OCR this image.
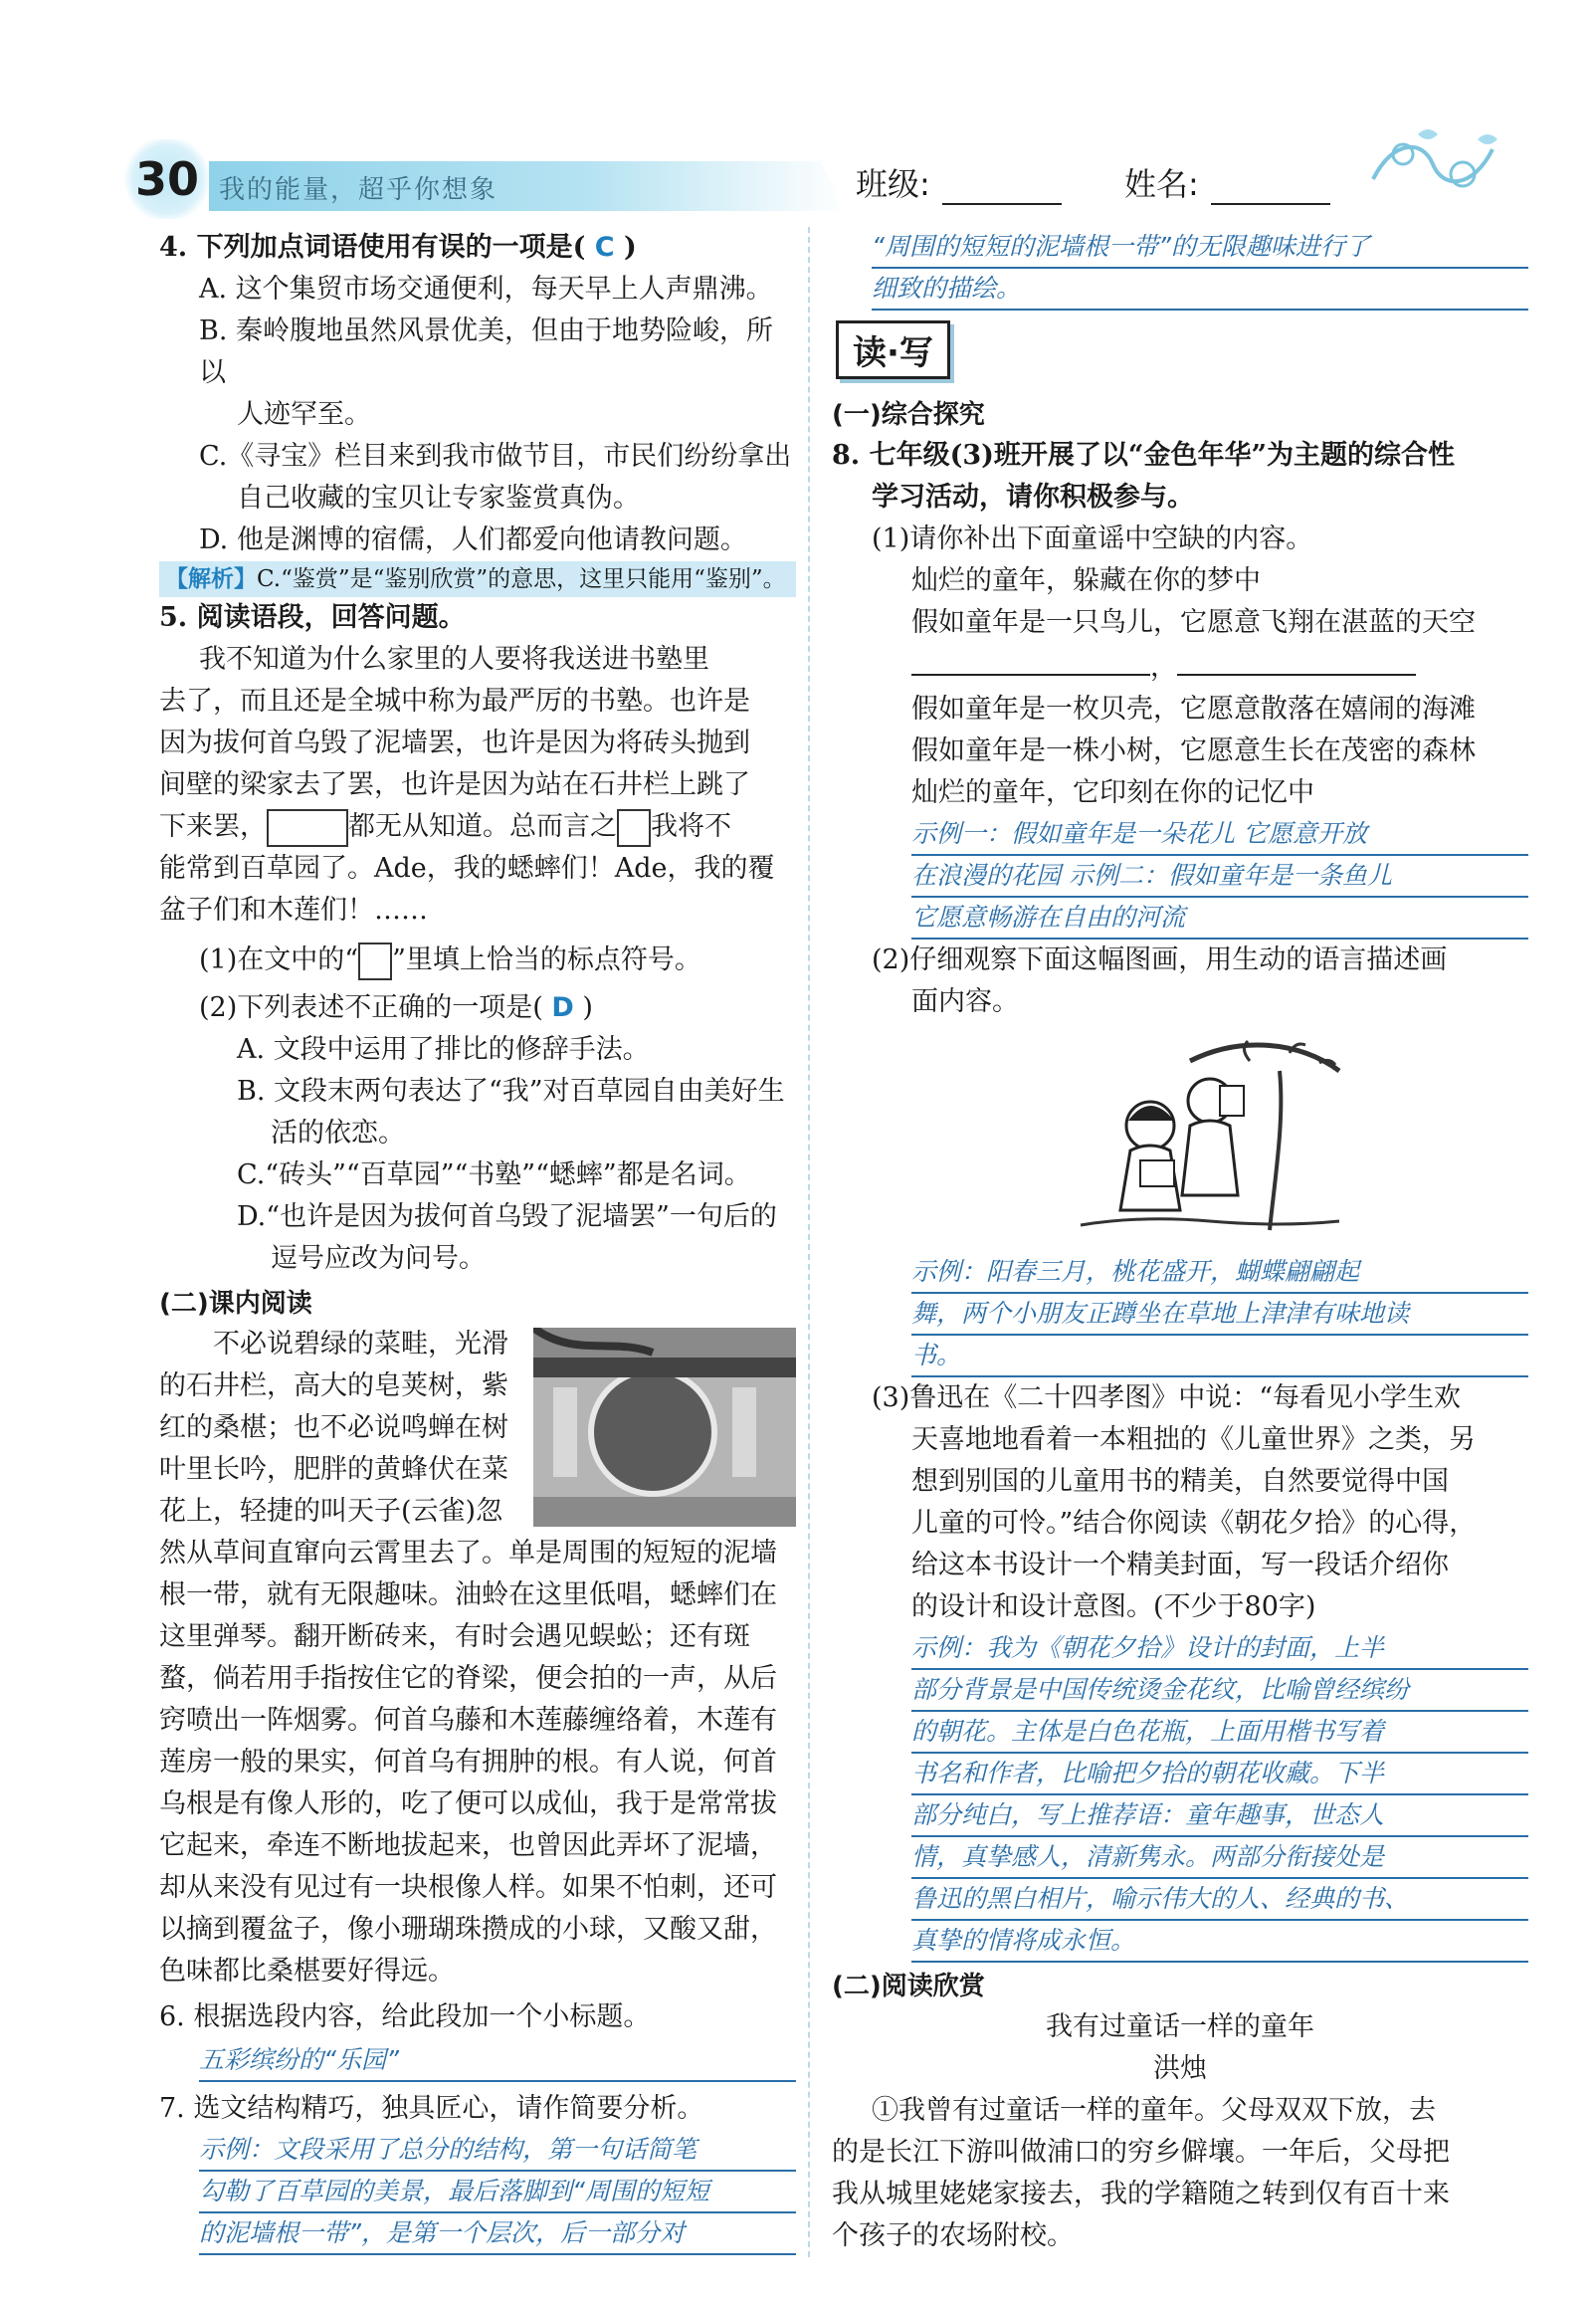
30 我的能量，超乎你想象	班级:	姓名:
4. 下列加点词语使用有误的一项是( C )

A. 这个集贸市场交通便利，每天早上人声鼎沸。

B. 秦岭腹地虽然风景优美，但由于地势险峻，所以

人迹罕至。

C.《寻宝》栏目来到我市做节目，市民们纷纷拿出

自己收藏的宝贝让专家鉴赏真伪。

D. 他是渊博的宿儒，人们都爱向他请教问题。

【解析】C.“鉴赏”是“鉴别欣赏”的意思，这里只能用“鉴别”。

5. 阅读语段，回答问题。

我不知道为什么家里的人要将我送进书塾里

去了，而且还是全城中称为最严厉的书塾。也许是

因为拔何首乌毁了泥墙罢，也许是因为将砖头抛到

间壁的梁家去了罢，也许是因为站在石井栏上跳了

下来罢，	都无从知道。总而言之 我将不

能常到百草园了。Ade，我的蟋蟀们！Ade，我的覆

盆子们和木莲们！……

(1)在文中的“ ”里填上恰当的标点符号。

(2)下列表述不正确的一项是( D )

A. 文段中运用了排比的修辞手法。

B. 文段末两句表达了“我”对百草园自由美好生

活的依恋。

C.“砖头”“百草园”“书塾”“蟋蟀”都是名词。

D.“也许是因为拔何首乌毁了泥墙罢”一句后的

逗号应改为问号。

(二)课内阅读

不必说碧绿的菜畦，光滑的石井栏，高大的皂荚树，紫红的桑椹；也不必说鸣蝉在树叶里长吟，肥胖的黄蜂伏在菜花上，轻捷的叫天子(云雀)忽然从草间直窜向云霄里去了。单是周围的短短的泥墙根一带，就有无限趣味。油蛉在这里低唱，蟋蟀们在这里弹琴。翻开断砖来，有时会遇见蜈蚣；还有斑蝥，倘若用手指按住它的脊梁，便会拍的一声，从后窍喷出一阵烟雾。何首乌藤和木莲藤缠络着，木莲有莲房一般的果实，何首乌有拥肿的根。有人说，何首乌根是有像人形的，吃了便可以成仙，我于是常常拔它起来，牵连不断地拔起来，也曾因此弄坏了泥墙，却从来没有见过有一块根像人样。如果不怕刺，还可以摘到覆盆子，像小珊瑚珠攒成的小球，又酸又甜，色味都比桑椹要好得远。

6. 根据选段内容，给此段加一个小标题。

五彩缤纷的“乐园”

7. 选文结构精巧，独具匠心，请作简要分析。

示例：文段采用了总分的结构，第一句话简笔
勾勒了百草园的美景，最后落脚到“周围的短短
的泥墙根一带”，是第一个层次，后一部分对
“周围的短短的泥墙根一带”的无限趣味进行了
细致的描绘。
读·写

(一)综合探究

8. 七年级(3)班开展了以“金色年华”为主题的综合性

学习活动，请你积极参与。

(1)请你补出下面童谣中空缺的内容。

灿烂的童年，躲藏在你的梦中

假如童年是一只鸟儿，它愿意飞翔在湛蓝的天空

，

假如童年是一枚贝壳，它愿意散落在嬉闹的海滩

假如童年是一株小树，它愿意生长在茂密的森林

灿烂的童年，它印刻在你的记忆中

示例一：假如童年是一朵花儿 它愿意开放
在浪漫的花园 示例二：假如童年是一条鱼儿
它愿意畅游在自由的河流

(2)仔细观察下面这幅图画，用生动的语言描述画

面内容。

示例：阳春三月，桃花盛开，蝴蝶翩翩起
舞，两个小朋友正蹲坐在草地上津津有味地读
书。

(3)鲁迅在《二十四孝图》中说：“每看见小学生欢

天喜地地看着一本粗拙的《儿童世界》之类，另

想到别国的儿童用书的精美，自然要觉得中国

儿童的可怜。”结合你阅读《朝花夕拾》的心得，

给这本书设计一个精美封面，写一段话介绍你

的设计和设计意图。(不少于80字)

示例：我为《朝花夕拾》设计的封面，上半
部分背景是中国传统烫金花纹，比喻曾经缤纷
的朝花。主体是白色花瓶，上面用楷书写着
书名和作者，比喻把夕拾的朝花收藏。下半
部分纯白，写上推荐语：童年趣事，世态人
情，真挚感人，清新隽永。两部分衔接处是
鲁迅的黑白相片，喻示伟大的人、经典的书、
真挚的情将成永恒。

(二)阅读欣赏

我有过童话一样的童年

洪烛

①我曾有过童话一样的童年。父母双双下放，去

的是长江下游叫做浦口的穷乡僻壤。一年后，父母把

我从城里姥姥家接去，我的学籍随之转到仅有百十来

个孩子的农场附校。
